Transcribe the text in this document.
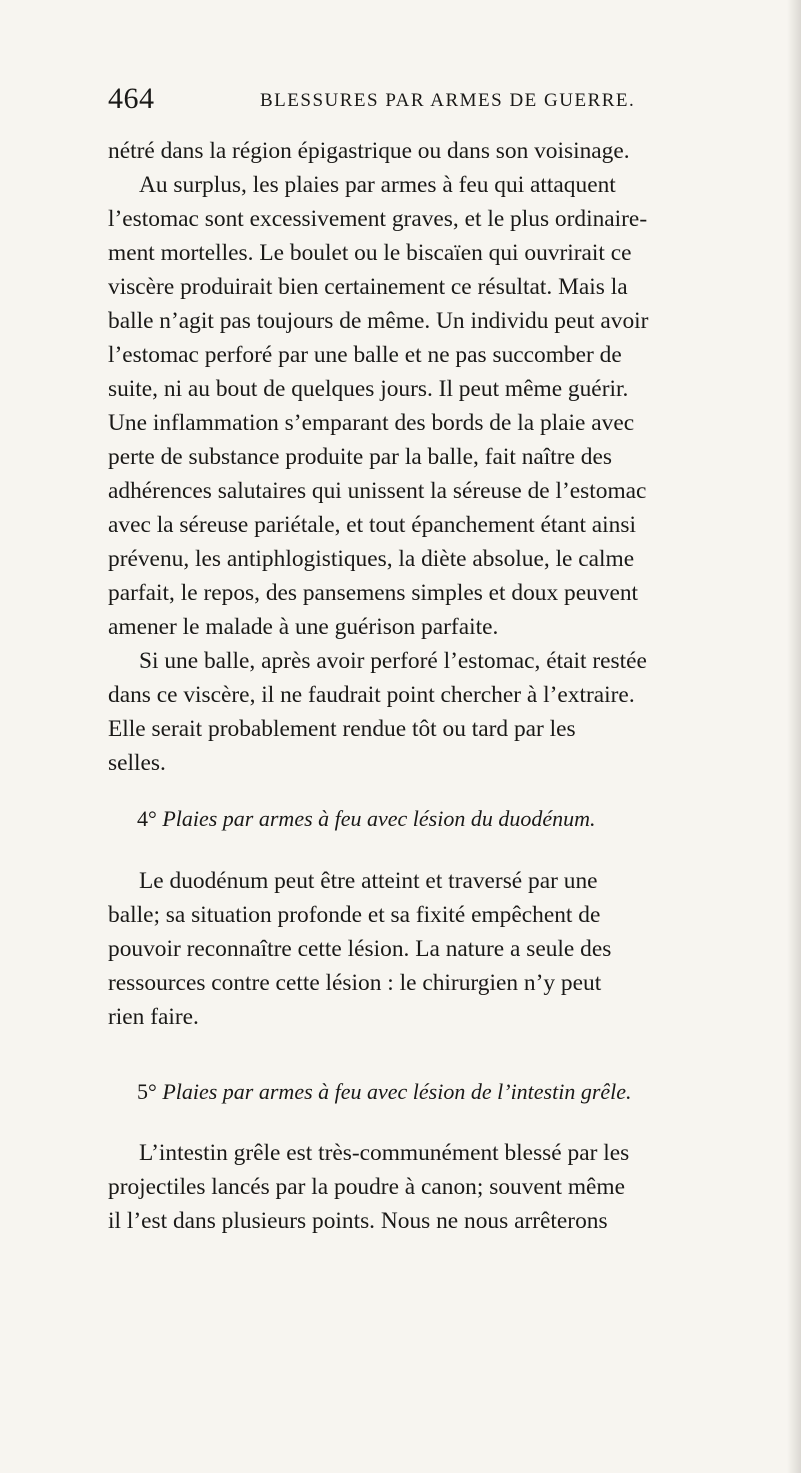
464	BLESSURES PAR ARMES DE GUERRE.
nétré dans la région épigastrique ou dans son voisinage.
Au surplus, les plaies par armes à feu qui attaquent
l’estomac sont excessivement graves, et le plus ordinaire-
ment mortelles. Le boulet ou le biscaïen qui ouvrirait ce
viscère produirait bien certainement ce résultat. Mais la
balle n’agit pas toujours de même. Un individu peut avoir
l’estomac perforé par une balle et ne pas succomber de
suite, ni au bout de quelques jours. Il peut même guérir.
Une inflammation s’emparant des bords de la plaie avec
perte de substance produite par la balle, fait naître des
adhérences salutaires qui unissent la séreuse de l’estomac
avec la séreuse pariétale, et tout épanchement étant ainsi
prévenu, les antiphlogistiques, la diète absolue, le calme
parfait, le repos, des pansemens simples et doux peuvent
amener le malade à une guérison parfaite.
Si une balle, après avoir perforé l’estomac, était restée
dans ce viscère, il ne faudrait point chercher à l’extraire.
Elle serait probablement rendue tôt ou tard par les
selles.
4° Plaies par armes à feu avec lésion du duodénum.
Le duodénum peut être atteint et traversé par une
balle; sa situation profonde et sa fixité empêchent de
pouvoir reconnaître cette lésion. La nature a seule des
ressources contre cette lésion : le chirurgien n’y peut
rien faire.
5° Plaies par armes à feu avec lésion de l’intestin grêle.
L’intestin grêle est très-communément blessé par les
projectiles lancés par la poudre à canon; souvent même
il l’est dans plusieurs points. Nous ne nous arrêterons
